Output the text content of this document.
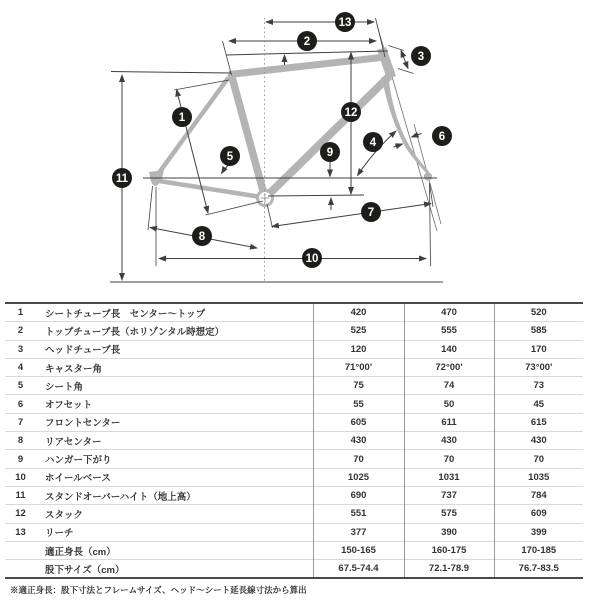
1
2
3
4
5
6
7
8
9
10
11
12
13
1	シートチューブ長　センター～トップ	420	470	520
2	トップチューブ長（ホリゾンタル時想定）	525	555	585
3	ヘッドチューブ長	120	140	170
4	キャスター角	71°00'	72°00'	73°00'
5	シート角	75	74	73
6	オフセット	55	50	45
7	フロントセンター	605	611	615
8	リアセンター	430	430	430
9	ハンガー下がり	70	70	70
10	ホイールベース	1025	1031	1035
11	スタンドオーバーハイト（地上高）	690	737	784
12	スタック	551	575	609
13	リーチ	377	390	399
	適正身長（cm）	150-165	160-175	170-185
	股下サイズ（cm）	67.5-74.4	72.1-78.9	76.7-83.5
※適正身長：股下寸法とフレームサイズ、ヘッド～シート延長線寸法から算出
